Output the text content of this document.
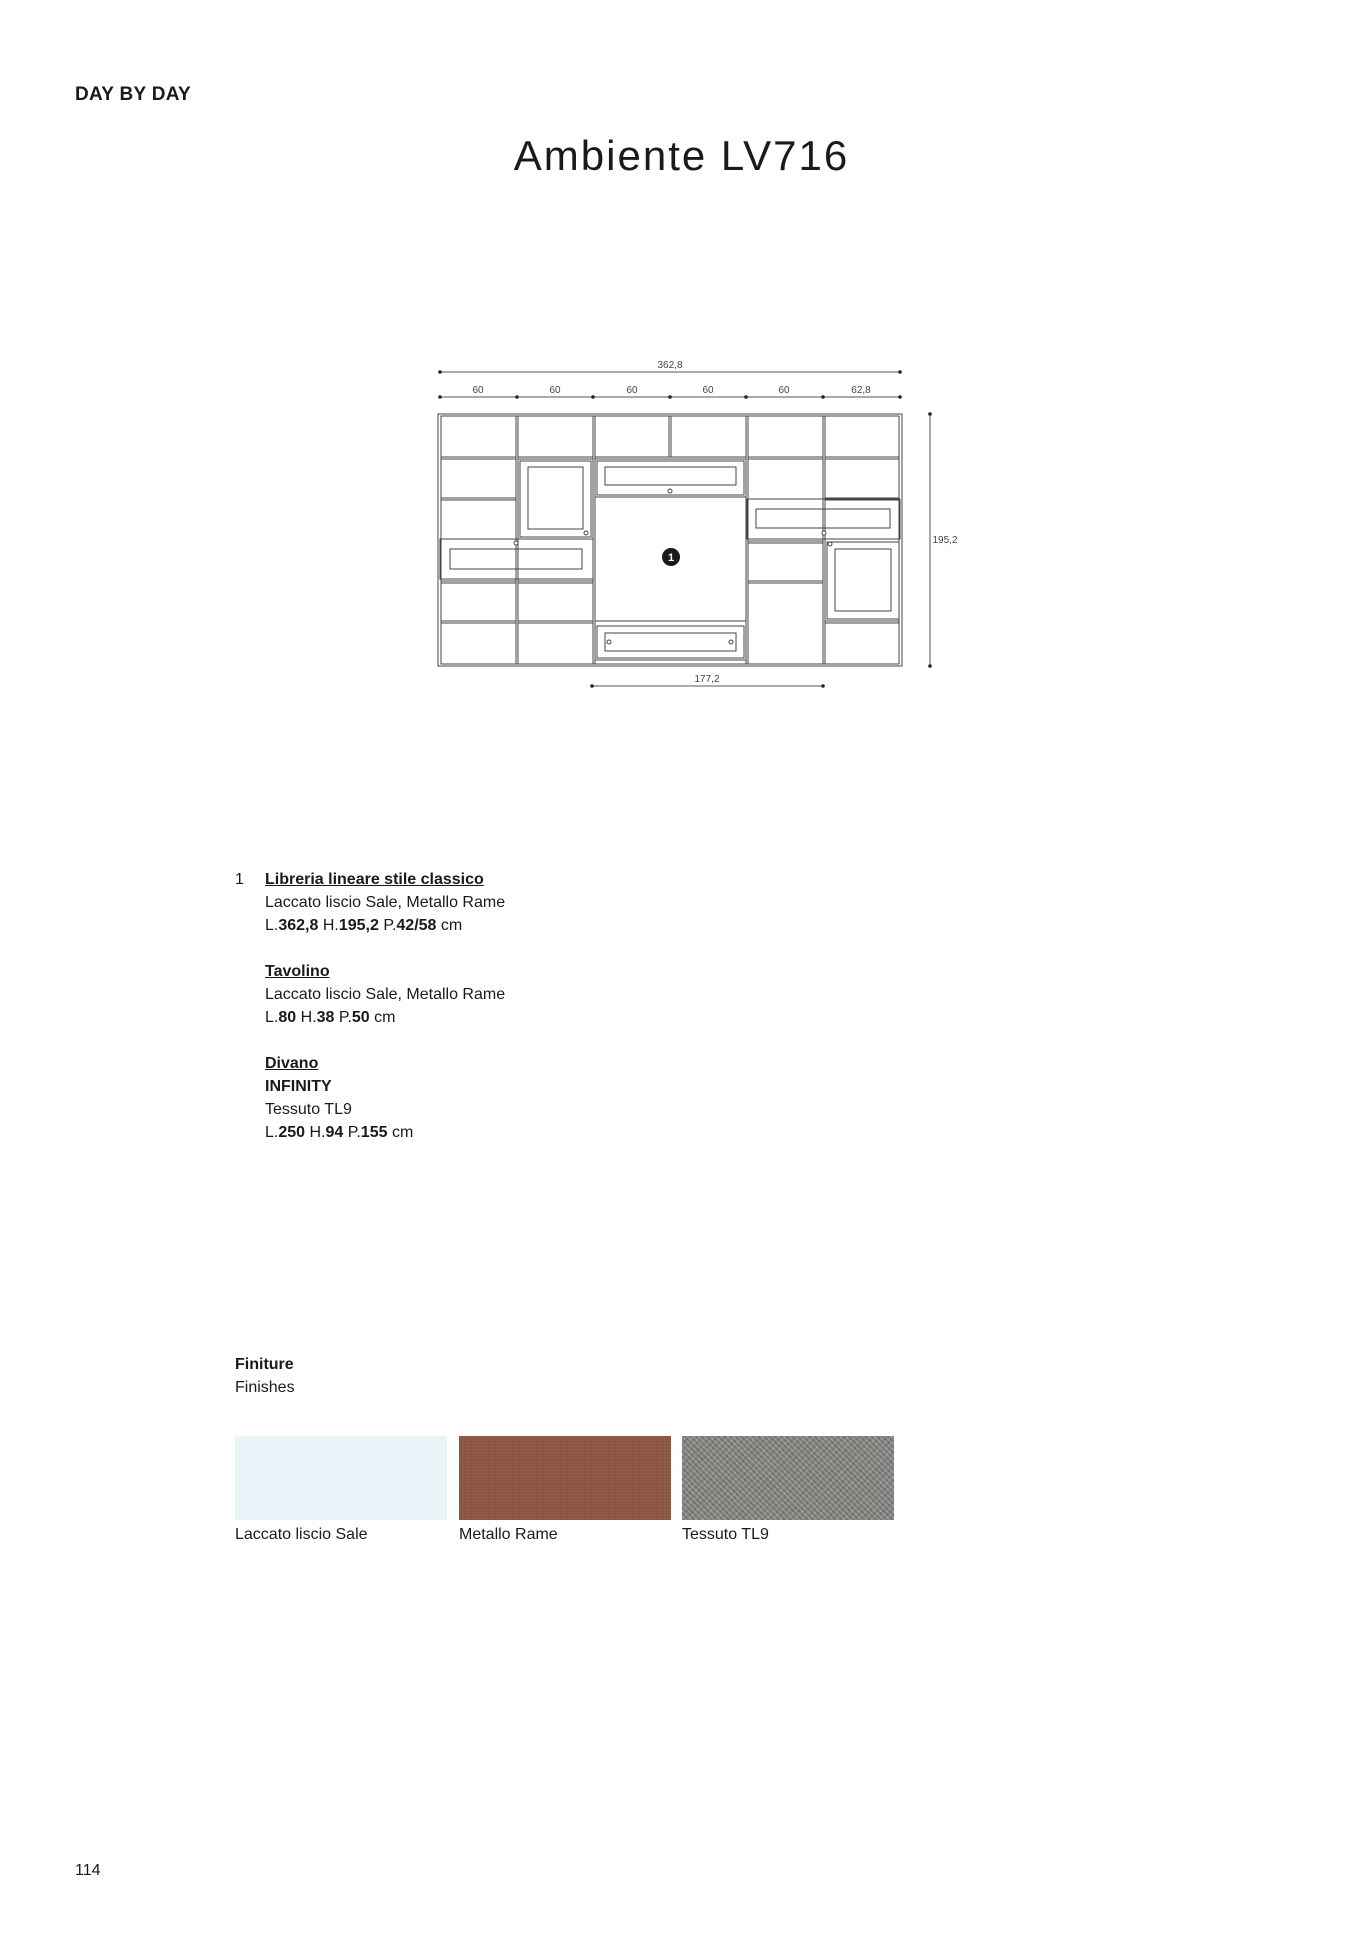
DAY BY DAY
Ambiente LV716
362,8
60	60	60	60	60	62,8
195,2
177,2
1
1 Libreria lineare stile classico
Laccato liscio Sale, Metallo Rame
L.362,8 H.195,2 P.42/58 cm
Tavolino
Laccato liscio Sale, Metallo Rame
L.80 H.38 P.50 cm
Divano
INFINITY
Tessuto TL9
L.250 H.94 P.155 cm
Finiture
Finishes
Laccato liscio Sale	Metallo Rame	Tessuto TL9
114
